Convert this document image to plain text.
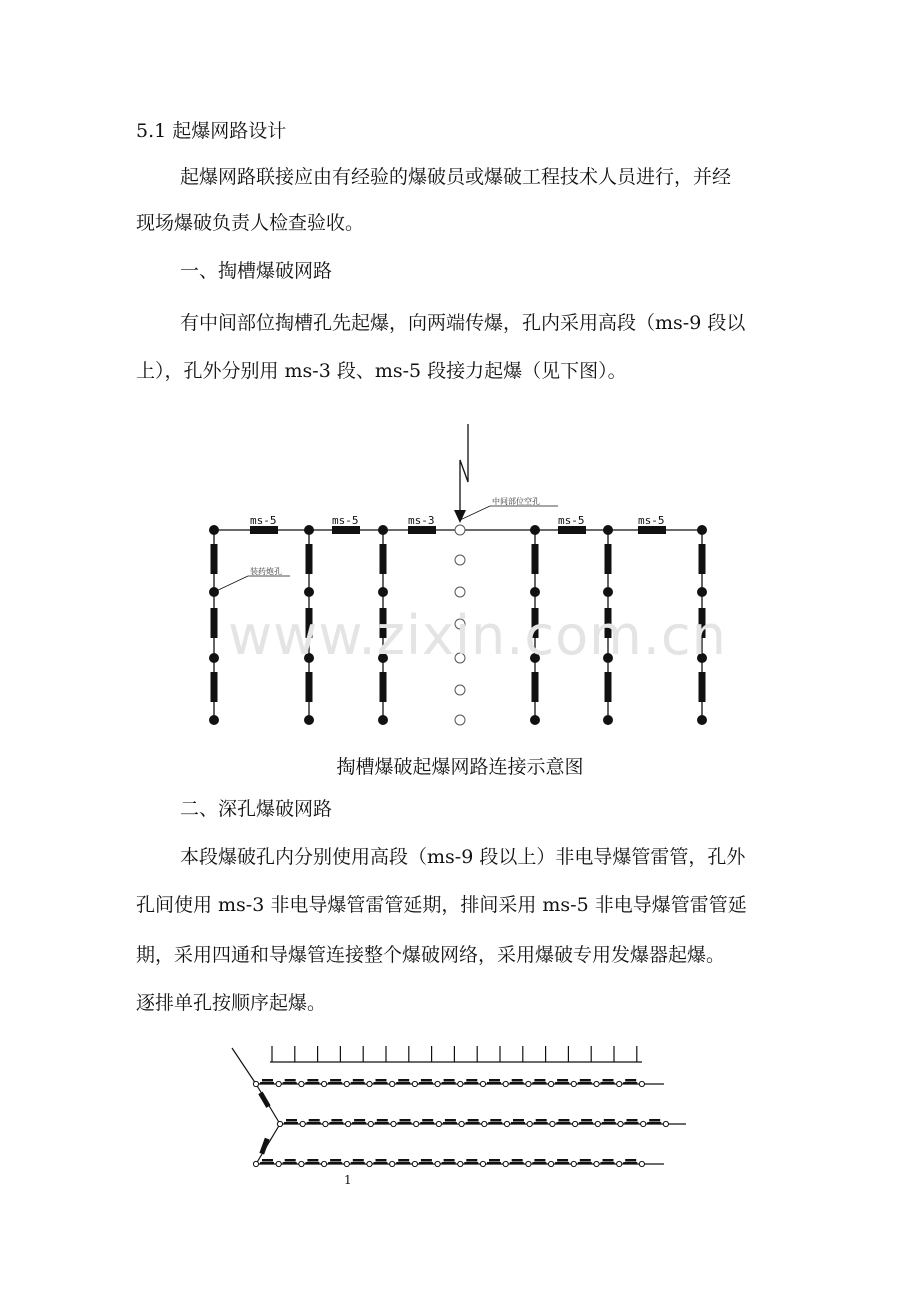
5.1 起爆网路设计

起爆网路联接应由有经验的爆破员或爆破工程技术人员进行，并经

现场爆破负责人检查验收。

一、掏槽爆破网路

有中间部位掏槽孔先起爆，向两端传爆，孔内采用高段（ms-9 段以

上），孔外分别用 ms-3 段、ms-5 段接力起爆（见下图）。

ms-5	ms-5	ms-3	ms-5	ms-5
中间部位空孔
装药炮孔
www.zixin.com.cn
掏槽爆破起爆网路连接示意图

二、深孔爆破网路

本段爆破孔内分别使用高段（ms-9 段以上）非电导爆管雷管，孔外

孔间使用 ms-3 非电导爆管雷管延期，排间采用 ms-5 非电导爆管雷管延

期，采用四通和导爆管连接整个爆破网络，采用爆破专用发爆器起爆。

逐排单孔按顺序起爆。

1
